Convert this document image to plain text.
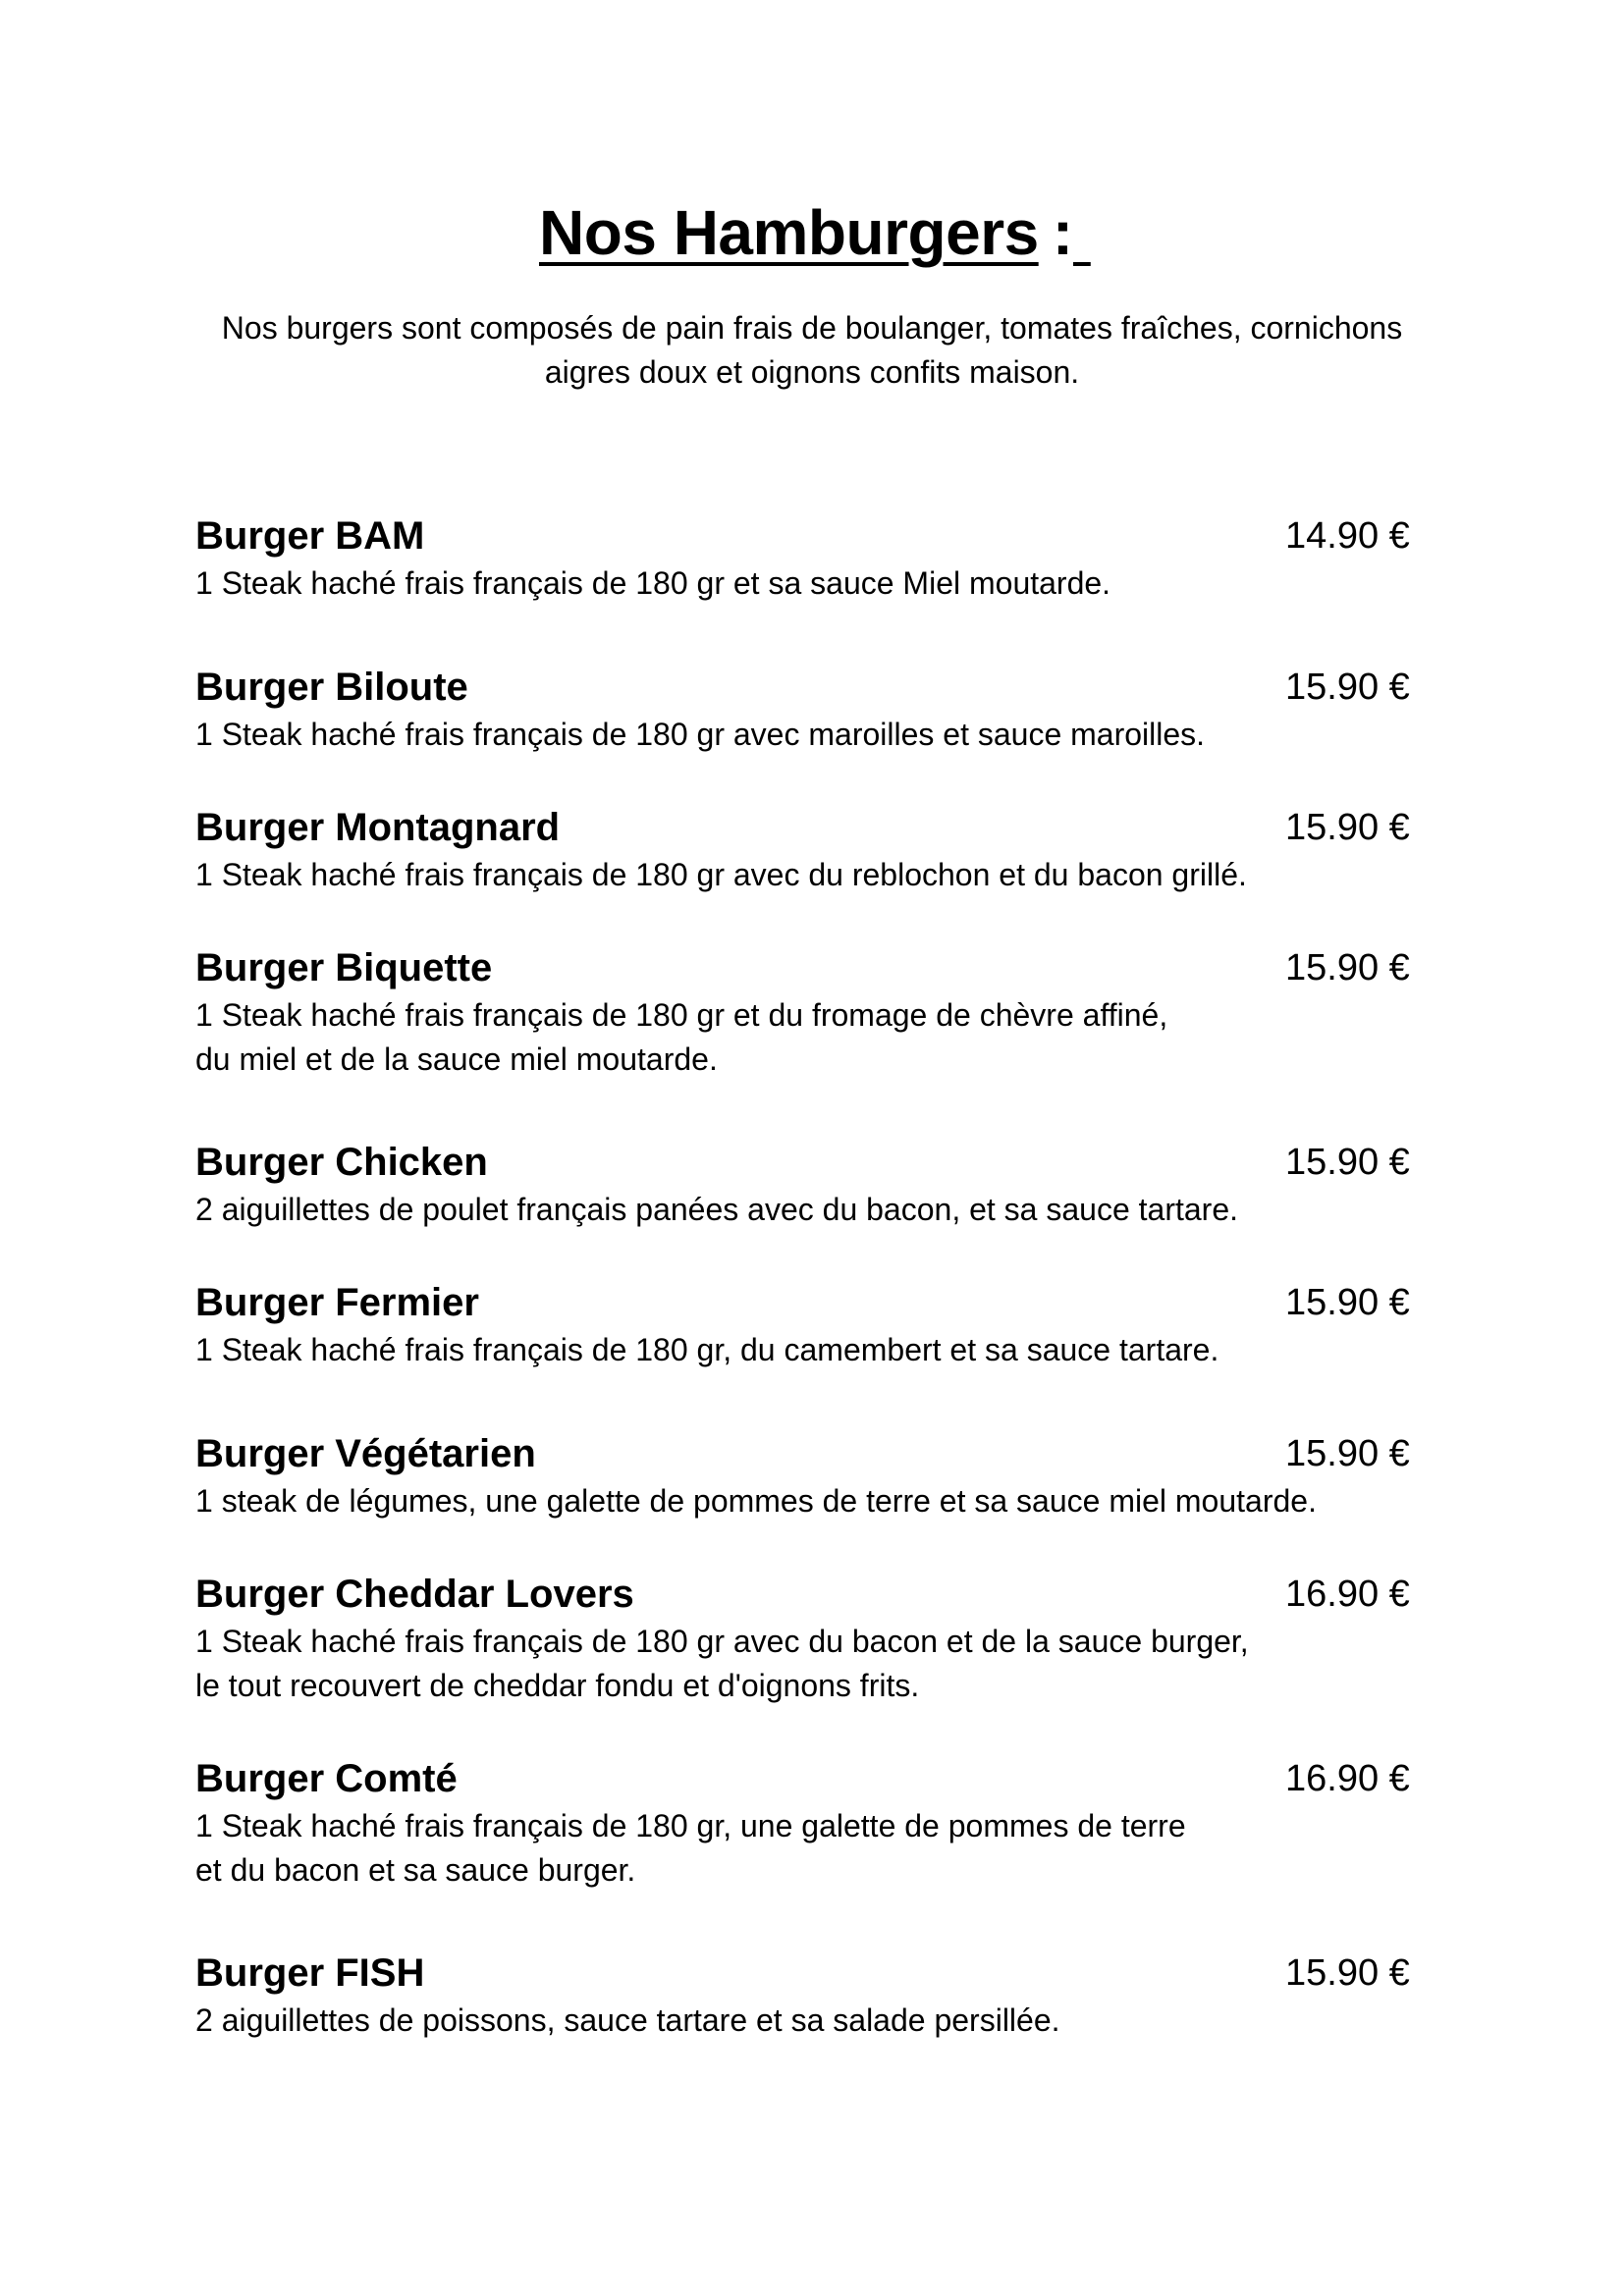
Nos Hamburgers :
Nos burgers sont composés de pain frais de boulanger, tomates fraîches, cornichons aigres doux et oignons confits maison.
Burger BAM	14.90 €
1 Steak haché frais français de 180 gr et sa sauce Miel moutarde.
Burger Biloute	15.90 €
1 Steak haché frais français de 180 gr avec maroilles et sauce maroilles.
Burger Montagnard	15.90 €
1 Steak haché frais français de 180 gr avec du reblochon et du bacon grillé.
Burger Biquette	15.90 €
1 Steak haché frais français de 180 gr et du fromage de chèvre affiné,
du miel et de la sauce miel moutarde.
Burger Chicken	15.90 €
2 aiguillettes de poulet français panées avec du bacon, et sa sauce tartare.
Burger Fermier	15.90 €
1 Steak haché frais français de 180 gr, du camembert et sa sauce tartare.
Burger Végétarien	15.90 €
1 steak de légumes, une galette de pommes de terre et sa sauce miel moutarde.
Burger Cheddar Lovers	16.90 €
1 Steak haché frais français de 180 gr avec du bacon et de la sauce burger,
le tout recouvert de cheddar fondu et d'oignons frits.
Burger Comté	16.90 €
1 Steak haché frais français de 180 gr, une galette de pommes de terre
et du bacon et sa sauce burger.
Burger FISH	15.90 €
2 aiguillettes de poissons, sauce tartare et sa salade persillée.
